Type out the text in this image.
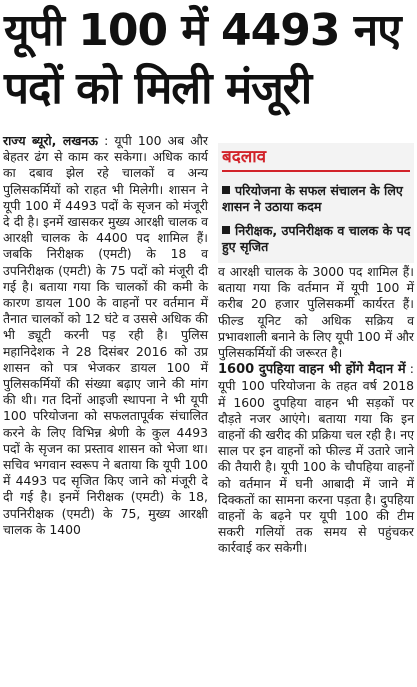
यूपी 100 में 4493 नए
पदों को मिली मंजूरी

राज्य ब्यूरो, लखनऊ : यूपी 100 अब और बेहतर ढंग से काम कर सकेगा। अधिक कार्य का दबाव झेल रहे चालकों व अन्य पुलिसकर्मियों को राहत भी मिलेगी। शासन ने यूपी 100 में 4493 पदों के सृजन को मंजूरी दे दी है। इनमें खासकर मुख्य आरक्षी चालक व आरक्षी चालक के 4400 पद शामिल हैं। जबकि निरीक्षक (एमटी) के 18 व उपनिरीक्षक (एमटी) के 75 पदों को मंजूरी दी गई है। बताया गया कि चालकों की कमी के कारण डायल 100 के वाहनों पर वर्तमान में तैनात चालकों को 12 घंटे व उससे अधिक की भी ड्यूटी करनी पड़ रही है। पुलिस महानिदेशक ने 28 दिसंबर 2016 को उप्र शासन को पत्र भेजकर डायल 100 में पुलिसकर्मियों की संख्या बढ़ाए जाने की मांग की थी। गत दिनों आइजी स्थापना ने भी यूपी 100 परियोजना को सफलतापूर्वक संचालित करने के लिए विभिन्न श्रेणी के कुल 4493 पदों के सृजन का प्रस्ताव शासन को भेजा था। सचिव भगवान स्वरूप ने बताया कि यूपी 100 में 4493 पद सृजित किए जाने को मंजूरी दे दी गई है। इनमें निरीक्षक (एमटी) के 18, उपनिरीक्षक (एमटी) के 75, मुख्य आरक्षी चालक के 1400

बदलाव
परियोजना के सफल संचालन के लिए शासन ने उठाया कदम
निरीक्षक, उपनिरीक्षक व चालक के पद हुए सृजित

व आरक्षी चालक के 3000 पद शामिल हैं। बताया गया कि वर्तमान में यूपी 100 में करीब 20 हजार पुलिसकर्मी कार्यरत हैं। फील्ड यूनिट को अधिक सक्रिय व प्रभावशाली बनाने के लिए यूपी 100 में और पुलिसकर्मियों की जरूरत है।

1600 दुपहिया वाहन भी होंगे मैदान में : यूपी 100 परियोजना के तहत वर्ष 2018 में 1600 दुपहिया वाहन भी सड़कों पर दौड़ते नजर आएंगे। बताया गया कि इन वाहनों की खरीद की प्रक्रिया चल रही है। नए साल पर इन वाहनों को फील्ड में उतारे जाने की तैयारी है। यूपी 100 के चौपहिया वाहनों को वर्तमान में घनी आबादी में जाने में दिक्कतों का सामना करना पड़ता है। दुपहिया वाहनों के बढ़ने पर यूपी 100 की टीम सकरी गलियों तक समय से पहुंचकर कार्रवाई कर सकेगी।
